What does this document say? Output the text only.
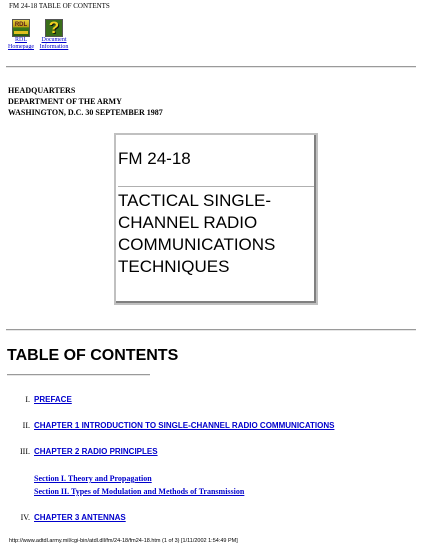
FM 24-18 TABLE OF CONTENTS
RDL
RDL
Homepage
?
Document
Information
HEADQUARTERS
DEPARTMENT OF THE ARMY
WASHINGTON, D.C. 30 SEPTEMBER 1987
FM 24-18
TACTICAL SINGLE-CHANNEL RADIO COMMUNICATIONS TECHNIQUES
TABLE OF CONTENTS
I. PREFACE
II. CHAPTER 1 INTRODUCTION TO SINGLE-CHANNEL RADIO COMMUNICATIONS
III. CHAPTER 2 RADIO PRINCIPLES
Section I. Theory and Propagation
Section II. Types of Modulation and Methods of Transmission
IV. CHAPTER 3 ANTENNAS
http://www.adtdl.army.mil/cgi-bin/atdl.dll/fm/24-18/fm24-18.htm (1 of 3) [1/11/2002 1:54:49 PM]
